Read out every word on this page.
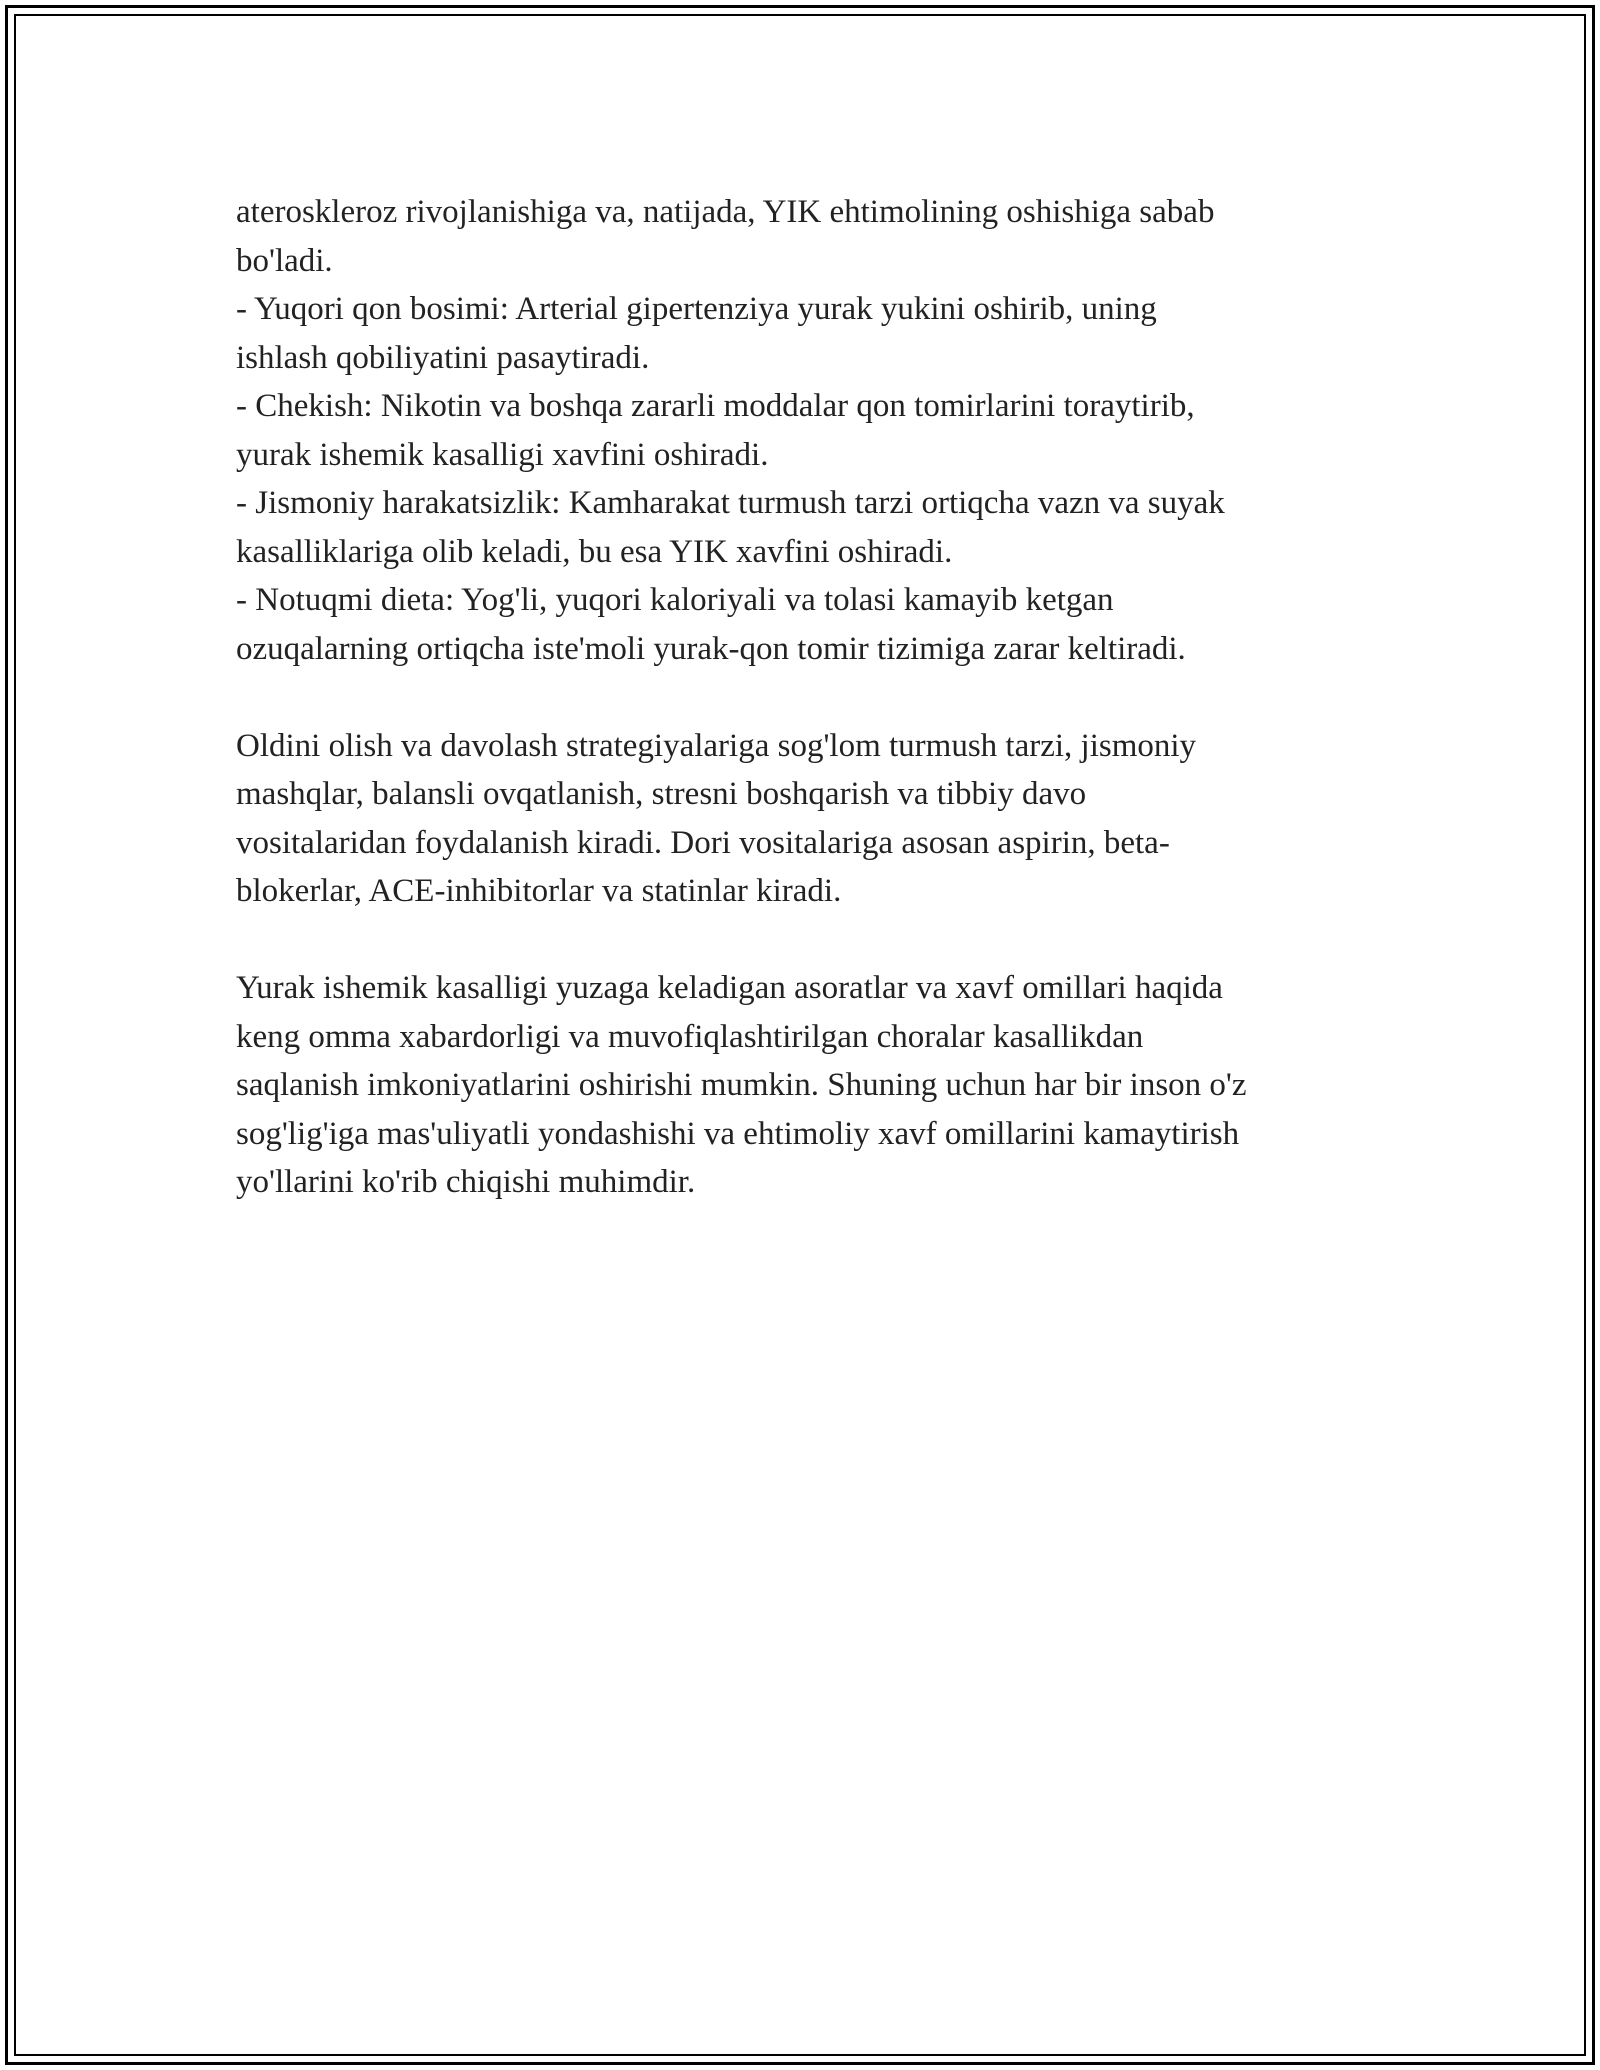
ateroskleroz rivojlanishiga va, natijada, YIK ehtimolining oshishiga sabab
bo'ladi.
- Yuqori qon bosimi: Arterial gipertenziya yurak yukini oshirib, uning
ishlash qobiliyatini pasaytiradi.
- Chekish: Nikotin va boshqa zararli moddalar qon tomirlarini toraytirib,
yurak ishemik kasalligi xavfini oshiradi.
- Jismoniy harakatsizlik: Kamharakat turmush tarzi ortiqcha vazn va suyak
kasalliklariga olib keladi, bu esa YIK xavfini oshiradi.
- Notuqmi dieta: Yog'li, yuqori kaloriyali va tolasi kamayib ketgan
ozuqalarning ortiqcha iste'moli yurak-qon tomir tizimiga zarar keltiradi.
Oldini olish va davolash strategiyalariga sog'lom turmush tarzi, jismoniy
mashqlar, balansli ovqatlanish, stresni boshqarish va tibbiy davo
vositalaridan foydalanish kiradi. Dori vositalariga asosan aspirin, beta-
blokerlar, ACE-inhibitorlar va statinlar kiradi.
Yurak ishemik kasalligi yuzaga keladigan asoratlar va xavf omillari haqida
keng omma xabardorligi va muvofiqlashtirilgan choralar kasallikdan
saqlanish imkoniyatlarini oshirishi mumkin. Shuning uchun har bir inson o'z
sog'lig'iga mas'uliyatli yondashishi va ehtimoliy xavf omillarini kamaytirish
yo'llarini ko'rib chiqishi muhimdir.
